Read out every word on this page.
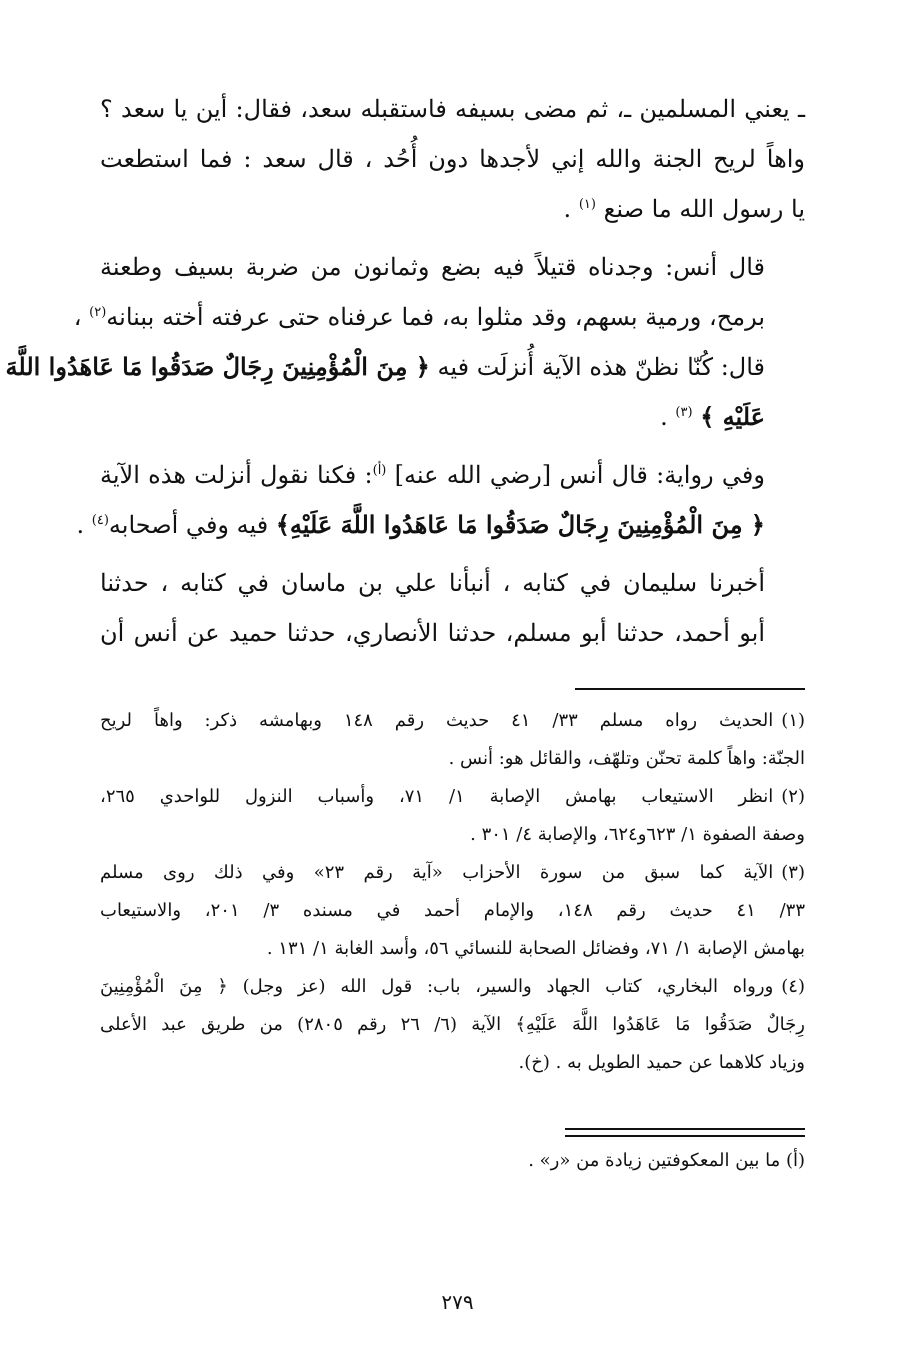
ـ يعني المسلمين ـ، ثم مضى بسيفه فاستقبله سعد، فقال: أين يا سعد ؟
واهاً لريح الجنة والله إني لأجدها دون أُحُد ، قال سعد : فما استطعت
يا رسول الله ما صنع $^{(١)}$ .

قال أنس: وجدناه قتيلاً فيه بضع وثمانون من ضربة بسيف وطعنة
برمح، ورمية بسهم، وقد مثلوا به، فما عرفناه حتى عرفته أخته ببنانه$^{(٢)}$ ،
قال: كُنّا نظنّ هذه الآية أُنزلَت فيه ﴿ مِنَ الْمُؤْمِنِينَ رِجَالٌ صَدَقُوا مَا عَاهَدُوا اللَّهَ
عَلَيْهِ ﴾ $^{(٣)}$ .

وفي رواية: قال أنس [رضي الله عنه] $^{(أ)}$: فكنا نقول أنزلت هذه الآية
﴿ مِنَ الْمُؤْمِنِينَ رِجَالٌ صَدَقُوا مَا عَاهَدُوا اللَّهَ عَلَيْهِ﴾ فيه وفي أصحابه$^{(٤)}$ .

أخبرنا سليمان في كتابه ، أنبأنا علي بن ماسان في كتابه ، حدثنا
أبو أحمد، حدثنا أبو مسلم، حدثنا الأنصاري، حدثنا حميد عن أنس أن

(١)الحديث رواه مسلم ٣٣/ ٤١ حديث رقم ١٤٨ وبهامشه ذكر: واهاً لريح
الجنّة: واهاً كلمة تحنّن وتلهّف، والقائل هو: أنس .

(٢)انظر الاستيعاب بهامش الإصابة ١/ ٧١، وأسباب النزول للواحدي ٢٦٥،
وصفة الصفوة ١/ ٦٢٣و٦٢٤، والإصابة ٤/ ٣٠١ .

(٣)الآية كما سبق من سورة الأحزاب «آية رقم ٢٣» وفي ذلك روى مسلم
٣٣/ ٤١ حديث رقم ١٤٨، والإمام أحمد في مسنده ٣/ ٢٠١، والاستيعاب
بهامش الإصابة ١/ ٧١، وفضائل الصحابة للنسائي ٥٦، وأسد الغابة ١/ ١٣١ .

(٤)ورواه البخاري، كتاب الجهاد والسير، باب: قول الله (عز وجل) ﴿ مِنَ الْمُؤْمِنِينَ
رِجَالٌ صَدَقُوا مَا عَاهَدُوا اللَّهَ عَلَيْهِ﴾ الآية (٦/ ٢٦ رقم ٢٨٠٥) من طريق عبد الأعلى
وزياد كلاهما عن حميد الطويل به . (خ).

(أ) ما بين المعكوفتين زيادة من «ر» .
٢٧٩
